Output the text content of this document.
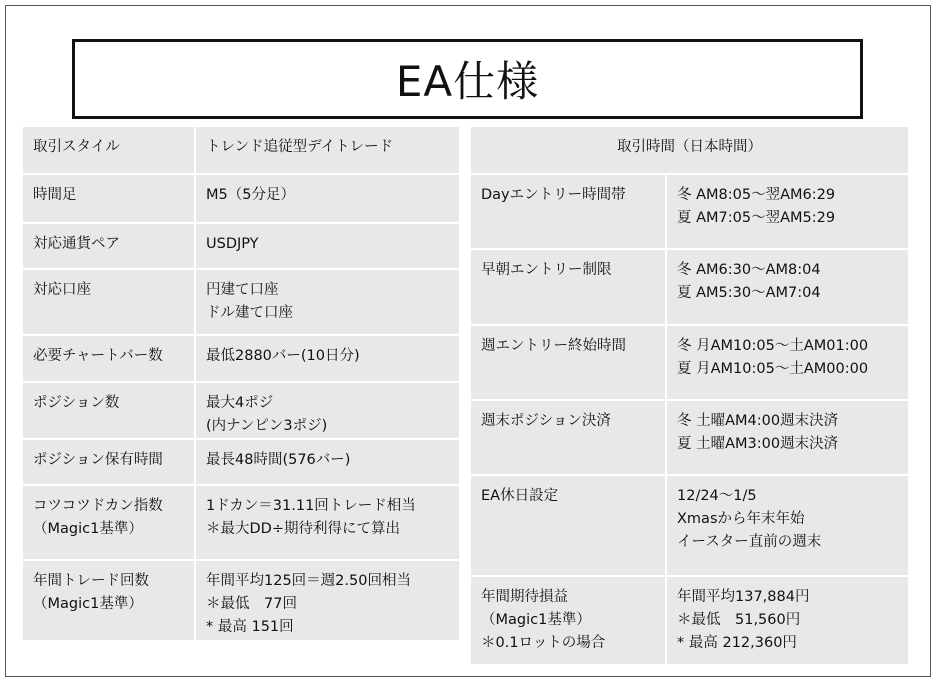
EA仕様
取引スタイル	トレンド追従型デイトレード

時間足	M5（5分足）

対応通貨ペア	USDJPY

対応口座	円建て口座
ドル建て口座

必要チャートバー数	最低2880バー(10日分)

ポジション数	最大4ポジ
(内ナンピン3ポジ)

ポジション保有時間	最長48時間(576バー)

コツコツドカン指数
（Magic1基準）	1ドカン＝31.11回トレード相当
＊最大DD÷期待利得にて算出

年間トレード回数
（Magic1基準）	年間平均125回＝週2.50回相当
＊最低　77回
* 最高 151回
取引時間（日本時間）	

Dayエントリー時間帯	冬 AM8:05～翌AM6:29
夏 AM7:05～翌AM5:29

早朝エントリー制限	冬 AM6:30～AM8:04
夏 AM5:30～AM7:04

週エントリー終始時間	冬 月AM10:05～土AM01:00
夏 月AM10:05～土AM00:00

週末ポジション決済	冬 土曜AM4:00週末決済
夏 土曜AM3:00週末決済

EA休日設定	12/24～1/5
Xmasから年末年始
イースター直前の週末

年間期待損益
（Magic1基準）
＊0.1ロットの場合	年間平均137,884円
＊最低　51,560円
* 最高 212,360円
